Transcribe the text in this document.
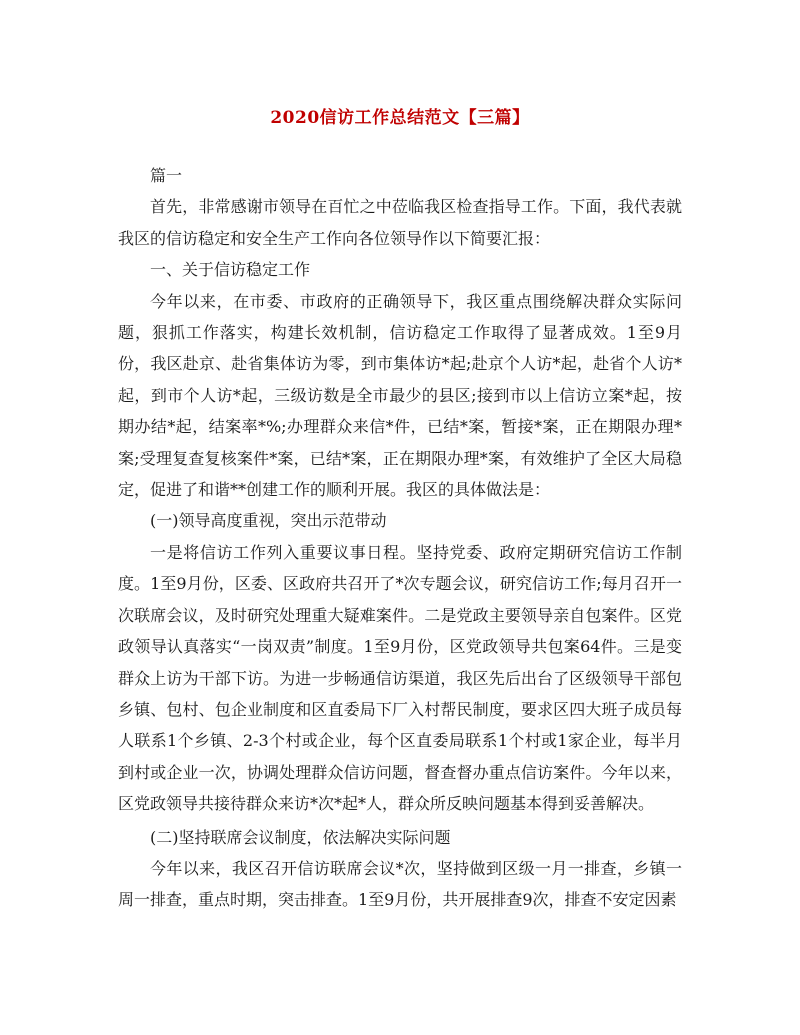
2020信访工作总结范文【三篇】

篇一

首先，非常感谢市领导在百忙之中莅临我区检查指导工作。下面，我代表就我区的信访稳定和安全生产工作向各位领导作以下简要汇报：

一、关于信访稳定工作

今年以来，在市委、市政府的正确领导下，我区重点围绕解决群众实际问题，狠抓工作落实，构建长效机制，信访稳定工作取得了显著成效。1至9月份，我区赴京、赴省集体访为零，到市集体访*起;赴京个人访*起，赴省个人访*起，到市个人访*起，三级访数是全市最少的县区;接到市以上信访立案*起，按期办结*起，结案率*%;办理群众来信*件，已结*案，暂接*案，正在期限办理*案;受理复查复核案件*案，已结*案，正在期限办理*案，有效维护了全区大局稳定，促进了和谐**创建工作的顺利开展。我区的具体做法是：

(一)领导高度重视，突出示范带动

一是将信访工作列入重要议事日程。坚持党委、政府定期研究信访工作制度。1至9月份，区委、区政府共召开了*次专题会议，研究信访工作;每月召开一次联席会议，及时研究处理重大疑难案件。二是党政主要领导亲自包案件。区党政领导认真落实“一岗双责”制度。1至9月份，区党政领导共包案64件。三是变群众上访为干部下访。为进一步畅通信访渠道，我区先后出台了区级领导干部包乡镇、包村、包企业制度和区直委局下厂入村帮民制度，要求区四大班子成员每人联系1个乡镇、2-3个村或企业，每个区直委局联系1个村或1家企业，每半月到村或企业一次，协调处理群众信访问题，督查督办重点信访案件。今年以来，区党政领导共接待群众来访*次*起*人，群众所反映问题基本得到妥善解决。

(二)坚持联席会议制度，依法解决实际问题

今年以来，我区召开信访联席会议*次，坚持做到区级一月一排查，乡镇一周一排查，重点时期，突击排查。1至9月份，共开展排查9次，排查不安定因素
